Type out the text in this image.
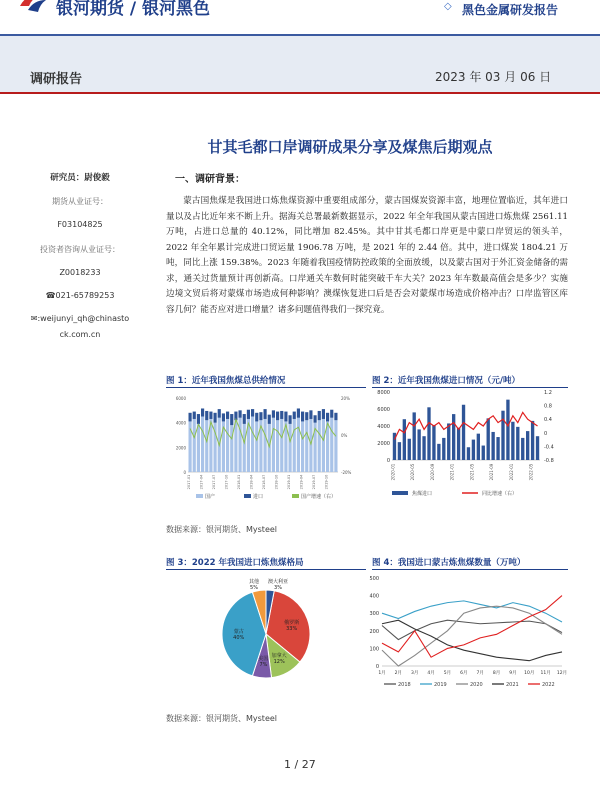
银河期货 / 银河黑色	◇ 黑色金属研发报告
调研报告	2023 年 03 月 06 日
甘其毛都口岸调研成果分享及煤焦后期观点
研究员：尉俊毅
期货从业证号：
F03104825
投资者咨询从业证号：
Z0018233
☎021-65789253
✉:weijunyi_qh@chinasto
ck.com.cn
一、调研背景：
蒙古国焦煤是我国进口炼焦煤资源中重要组成部分，蒙古国煤炭资源丰富，地理位置临近，其年进口量以及占比近年来不断上升。据海关总署最新数据显示，2022 年全年我国从蒙古国进口炼焦煤 2561.11 万吨，占进口总量的 40.12%，同比增加 82.45%。其中甘其毛都口岸更是中蒙口岸贸运的领头羊，2022 年全年累计完成进口贸运量 1906.78 万吨，是 2021 年的 2.44 倍。其中，进口煤炭 1804.21 万吨，同比上涨 159.38%。2023 年随着我国疫情防控政策的全面放缓，以及蒙古国对于外汇资金储备的需求，通关过货量预计再创新高。口岸通关车数何时能突破千车大关？2023 年车数最高值会是多少？实施边境文贸后将对蒙煤市场造成何种影响？澳煤恢复进口后是否会对蒙煤市场造成价格冲击？口岸监管区库容几何？能否应对进口增量？诸多问题值得我们一探究竟。
图 1：近年我国焦煤总供给情况
0
2000
4000
6000
-20%
0%
20%
2017-01 2017-04 2017-07 2017-10 2018-01 2018-04 2018-07 2018-10 2019-01 2019-04 2019-07 2019-10
国产	进口	国产增速（右）
图 2：近年我国焦煤进口情况（元/吨）
0
2000
4000
6000
8000	1.2
0.8
0.4
0
-0.4
-0.8
2020-01	2020-05	2020-09	2021-01	2021-05	2021-09	2022-01	2022-05
焦煤进口	同比增速（右）
数据来源：银河期货、Mysteel
图 3：2022 年我国进口炼焦煤格局
俄罗斯
33%
加拿大
12%
美国
7%
蒙古
40%
其他
5%
澳大利亚
3%
图 4：我国进口蒙古炼焦煤数量（万吨）
0
100
200
300
400
500
1月 2月 3月 4月 5月 6月 7月 8月 9月 10月 11月 12月
2018	2019	2020	2021	2022
数据来源：银河期货、Mysteel
1 / 27
